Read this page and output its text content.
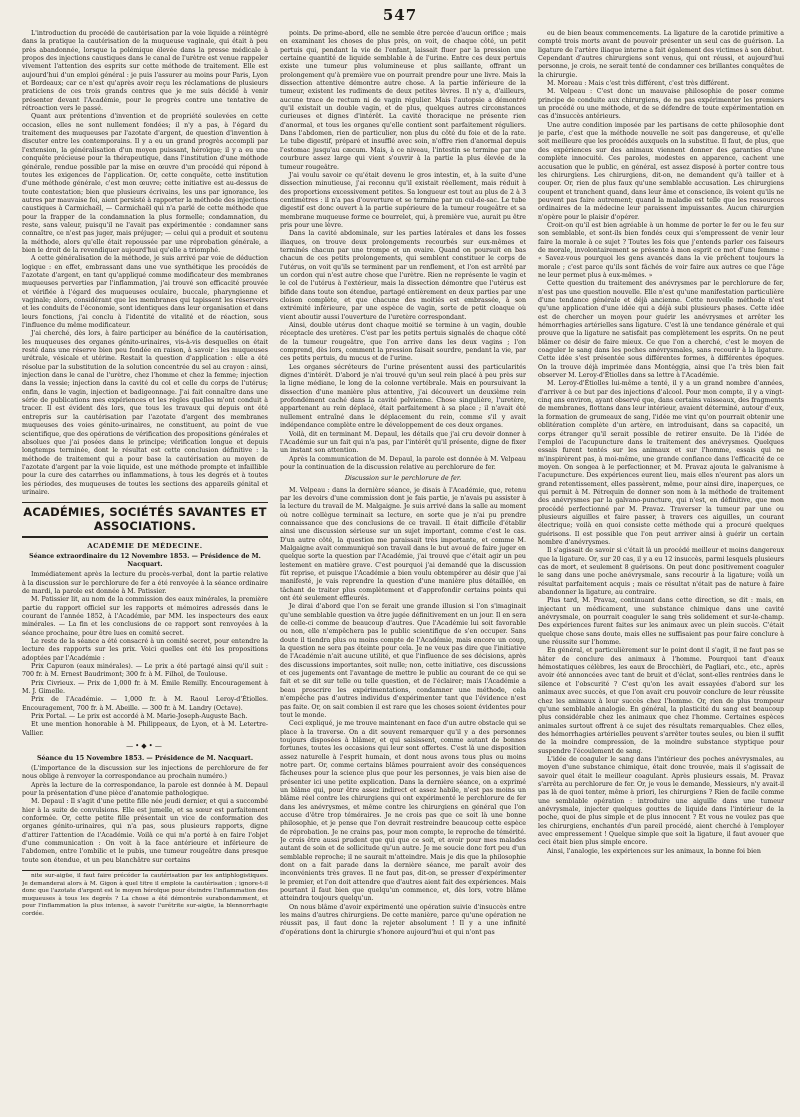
547

L'introduction du procédé de cautérisation par la voie liquide a réintégré dans la pratique la cautérisation de la muqueuse vaginale, qui était à peu près abandonnée, lorsque la polémique élevée dans la presse médicale à propos des injections caustiques dans le canal de l'urètre est venue rappeler vivement l'attention des esprits sur cette méthode de traitement. Elle est aujourd'hui d'un emploi général : je puis l'assurer au moins pour Paris, Lyon et Bordeaux; car ce n'est qu'après avoir reçu les réclamations de plusieurs praticiens de ces trois grands centres que je me suis décidé à venir présenter devant l'Académie, pour le progrès contre une tentative de rétroaction vers le passé.

Quant aux prétentions d'invention et de propriété soulevées en cette occasion, elles ne sont nullement fondées; il n'y a pas, à l'égard du traitement des muqueuses par l'azotate d'argent, de question d'invention à discuter entre les contemporains. Il y a eu un grand progrès accompli par l'extension, la généralisation d'un moyen puissant, héroïque; il y a eu une conquête précieuse pour la thérapeutique, dans l'institution d'une méthode générale, rendue possible par la mise en œuvre d'un procédé qui répond à toutes les exigences de l'application. Or, cette conquête, cette institution d'une méthode générale, c'est mon œuvre; cette initiative est au-dessus de toute contestation; bien que plusieurs écrivains, les uns par ignorance, les autres par mauvaise foi, aient persisté à rapporter la méthode des injections caustiques à Carmichaël, — Carmichaël qui n'a parlé de cette méthode que pour la frapper de la condamnation la plus formelle; condamnation, du reste, sans valeur, puisqu'il ne l'avait pas expérimentée : condamner sans connaître, ce n'est pas juger, mais préjuger; — celui qui a produit et soutenu la méthode, alors qu'elle était repoussée par une réprobation générale, a bien le droit de la revendiquer aujourd'hui qu'elle a triomphé.

A cette généralisation de la méthode, je suis arrivé par voie de déduction logique : en effet, embrassant dans une vue synthétique les procédés de l'azotate d'argent, en tant qu'appliqué comme modificateur des membranes muqueuses perverties par l'inflammation, j'ai trouvé son efficacité prouvée et vérifiée à l'égard des muqueuses oculaire, buccale, pharyngienne et vaginale; alors, considérant que les membranes qui tapissent les réservoirs et les conduits de l'économie, sont identiques dans leur organisation et dans leurs fonctions, j'ai conclu à l'identité de vitalité et de réaction, sous l'influence du même modificateur.

J'ai cherché, dès lors, à faire participer au bénéfice de la cautérisation, les muqueuses des organes génito-urinaires, vis-à-vis desquelles on était resté dans une réserve bien peu fondée en raison, à savoir : les muqueuses urétrale, vésicale et utérine. Restait la question d'application : elle a été résolue par la substitution de la solution concentrée du sel au crayon : ainsi, injection dans le canal de l'urètre, chez l'homme et chez la femme; injection dans la vessie; injection dans la cavité du col et celle du corps de l'utérus; enfin, dans le vagin, injection et badigeonnage. J'ai fait connaître dans une série de publications mes expériences et les règles quelles m'ont conduit à tracer. Il est évident dès lors, que tous les travaux qui depuis ont été entrepris sur la cautérisation par l'azotate d'argent des membranes muqueuses des voies génito-urinaires, ne constituent, au point de vue scientifique, que des opérations de vérification des propositions générales et absolues que j'ai posées dans le principe; vérification longue et depuis longtemps terminée, dont le résultat est cette conclusion définitive : la méthode de traitement qui a pour base la cautérisation au moyen de l'azotate d'argent par la voie liquide, est une méthode prompte et infaillible pour la cure des catarrhes ou inflammations, à tous les degrés et à toutes les périodes, des muqueuses de toutes les sections des appareils génital et urinaire.

ACADÉMIES, SOCIÉTÉS SAVANTES ET ASSOCIATIONS.
ACADÉMIE DE MÉDECINE.

Séance extraordinaire du 12 Novembre 1853. — Présidence de M. Nacquart.

Immédiatement après la lecture du procès-verbal, dont la partie relative à la discussion sur le perchlorure de fer a été renvoyée à la séance ordinaire de mardi, la parole est donnée à M. Patissier.

M. Patissier lit, au nom de la commission des eaux minérales, la première partie du rapport officiel sur les rapports et mémoires adressés dans le courant de l'année 1852, à l'Académie, par MM. les inspecteurs des eaux minérales. — La fin et les conclusions de ce rapport sont renvoyées à la séance prochaine, pour être lues en comité secret.

Le reste de la séance a été consacré à un comité secret, pour entendre la lecture des rapports sur les prix. Voici quelles ont été les propositions adoptées par l'Académie :

Prix Capuron (eaux minérales). — Le prix a été partagé ainsi qu'il suit : 700 fr. à M. Ernest Baudrimont; 300 fr. à M. Filhol, de Toulouse.

Prix Civrieux. — Prix de 1,000 fr. à M. Émile Remilly. Encouragement à M. J. Gimelle.

Prix de l'Académie. — 1,000 fr. à M. Raoul Leroy-d'Étiolles. Encouragement, 700 fr. à M. Abeille. — 300 fr. à M. Landry (Octave).

Prix Portal. — Le prix est accordé à M. Marie-Joseph-Auguste Bach.

Et une mention honorable à M. Philippeaux, de Lyon, et à M. Letertre-Vallier.

—•◆•—

Séance du 15 Novembre 1853. — Présidence de M. Nacquart.

(L'importance de la discussion sur les injections de perchlorure de fer nous oblige à renvoyer la correspondance au prochain numéro.)

Après la lecture de la correspondance, la parole est donnée à M. Depaul pour la présentation d'une pièce d'anatomie pathologique.

M. Depaul : Il s'agit d'une petite fille née jeudi dernier, et qui a succombé hier à la suite de convulsions. Elle est jumelle, et sa sœur est parfaitement conformée. Or, cette petite fille présentait un vice de conformation des organes génito-urinaires, qui n'a pas, sous plusieurs rapports, digne d'attirer l'attention de l'Académie. Voilà ce qui m'a porté à en faire l'objet d'une communication : On voit à la face antérieure et inférieure de l'abdomen, entre l'ombilic et le pubis, une tumeur rougeâtre dans presque toute son étendue, et un peu blanchâtre sur certains

nite sur-aigüe, il faut faire précéder la cautérisation par les antiphlogistiques. Je demanderai alors à M. Gigon à quel titre il emploie la cautérisation ; ignore-t-il donc que l'azotate d'argent est le moyen héroïque pour éteindre l'inflammation des muqueuses à tous les degrés ? La chose a été démontrée surabondamment, et pour l'inflammation la plus intense, à savoir l'urétrite sur-aigüe, la blennorrhagie cordée.

points. De prime-abord, elle ne semble être percée d'aucun orifice ; mais en examinant les choses de plus près, on voit, de chaque côté, un petit pertuis qui, pendant la vie de l'enfant, laissait fluer par la pression une certaine quantité de liquide semblable à de l'urine. Entre ces deux pertuis existe une tumeur plus volumineuse et plus saillante, offrant un prolongement qu'à première vue on pourrait prendre pour une livre. Mais la dissection attentive démontre autre chose. A la partie inférieure de la tumeur, existent les rudiments de deux petites lèvres. Il n'y a, d'ailleurs, aucune trace de rectum ni de vagin régulier. Mais l'autopsie a démontré qu'il existait un double vagin, et de plus, quelques autres circonstances curieuses et dignes d'intérêt. La cavité thoracique ne présente rien d'anormal, et tous les organes qu'elle contient sont parfaitement réguliers. Dans l'abdomen, rien de particulier, non plus du côté du foie et de la rate. Le tube digestif, préparé et insufflé avec soin, n'offre rien d'anormal depuis l'estomac jusqu'au cæcum. Mais, à ce niveau, l'intestin se termine par une courbure assez large qui vient s'ouvrir à la partie la plus élevée de la tumeur rougeâtre.

J'ai voulu savoir ce qu'était devenu le gros intestin, et, à la suite d'une dissection minutieuse, j'ai reconnu qu'il existait réellement, mais réduit à des proportions excessivement petites. Sa longueur est tout au plus de 2 à 3 centimètres : il n'a pas d'ouverture et se termine par un cul-de-sac. Le tube digestif est donc ouvert à la partie supérieure de la tumeur rougeâtre et sa membrane muqueuse forme ce bourrelet, qui, à première vue, aurait pu être pris pour une lèvre.

Dans la cavité abdominale, sur les parties latérales et dans les fosses iliaques, on trouve deux prolongements recourbés sur eux-mêmes et terminés chacun par une trompe et un ovaire. Quand on poursuit en bas chacun de ces petits prolongements, qui semblent constituer le corps de l'utérus, on voit qu'ils se terminent par un renflement, et l'on est arrêté par un cordon qui n'est autre chose que l'urètre. Rien ne représente le vagin et le col de l'utérus à l'extérieur, mais la dissection démontre que l'utérus est bifide dans toute son étendue, partagé entièrement en deux parties par une cloison complète, et que chacune des moitiés est embrassée, à son extrémité inférieure, par une espèce de vagin, sorte de petit cloaque où vient aboutir aussi l'ouverture de l'uretère correspondant.

Ainsi, double utérus dont chaque moitié se termine à un vagin, double réceptacle des uretères. C'est par les petits pertuis signalés de chaque côté de la tumeur rougeâtre, que l'on arrive dans les deux vagins ; l'on comprend, dès lors, comment la pression faisait sourdre, pendant la vie, par ces petits pertuis, du mucus et de l'urine.

Les organes sécréteurs de l'urine présentent aussi des particularités dignes d'intérêt. D'abord je n'ai trouvé qu'un seul rein placé à peu près sur la ligne médiane, le long de la colonne vertébrale. Mais en poursuivant la dissection d'une manière plus attentive, j'ai découvert un deuxième rein profondément caché dans la cavité pelvienne. Chose singulière, l'uretère, appartenant au rein déplacé, était parfaitement à sa place ; il n'avait été nullement entraîné dans le déplacement du rein, comme s'il y avait indépendance complète entre le développement de ces deux organes.

Voilà, dit en terminant M. Depaul, les détails que j'ai cru devoir donner à l'Académie sur un fait qui n'a pas, par l'intérêt qu'il présente, digne de fixer un instant son attention.

Après la communication de M. Depaul, la parole est donnée à M. Velpeau pour la continuation de la discussion relative au perchlorure de fer.

Discussion sur le perchlorure de fer.

M. Velpeau : dans la dernière séance, je disais à l'Académie, que, retenu par les devoirs d'une commission dont je fais partie, je n'avais pu assister à la lecture du travail de M. Malgaigne. Je suis arrivé dans la salle au moment où notre collègue terminait sa lecture, en sorte que je n'ai pu prendre connaissance que des conclusions de ce travail. Il était difficile d'établir ainsi une discussion sérieuse sur un sujet important, comme c'est le cas. D'un autre côté, la question me paraissait très importante, et comme M. Malgaigne avait communiqué son travail dans le but avoué de faire juger en quelque sorte la question par l'Académie, j'ai trouvé que c'était agir un peu lestement en matière grave. C'est pourquoi j'ai demandé que la discussion fût reprise, et puisque l'Académie a bien voulu obtempérer au désir que j'ai manifesté, je vais reprendre la question d'une manière plus détaillée, en tâchant de traiter plus complètement et d'approfondir certains points qui ont été seulement effleurés.

Je dirai d'abord que l'on se ferait une grande illusion si l'on s'imaginait qu'une semblable question va être jugée définitivement en un jour. Il en sera de celle-ci comme de beaucoup d'autres. Que l'Académie lui soit favorable ou non, elle n'empêchera pas le public scientifique de s'en occuper. Sans doute il tiendra plus ou moins compte de l'Académie, mais encore un coup, la question ne sera pas éteinte pour cela. Je ne veux pas dire que l'initiative de l'Académie n'ait aucune utilité, et que l'influence de ses décisions, après des discussions importantes, soit nulle; non, cette initiative, ces discussions et ces jugements ont l'avantage de mettre le public au courant de ce qui se fait et se dit sur telle ou telle question, et de l'éclairer; mais l'Académie a beau proscrire les expérimentations, condamner une méthode, cela n'empêche pas d'autres individus d'expérimenter tant que l'évidence n'est pas faite. Or, on sait combien il est rare que les choses soient évidentes pour tout le monde.

Ceci expliqué, je me trouve maintenant en face d'un autre obstacle qui se place à la traverse. On a dit souvent remarquer qu'il y a des personnes toujours disposées à blâmer, et qui saisissent, comme autant de bonnes fortunes, toutes les occasions qui leur sont offertes. C'est là une disposition assez naturelle à l'esprit humain, et dont nous avons tous plus ou moins notre part. Or, comme certains blâmes pourraient avoir des conséquences fâcheuses pour la science plus que pour les personnes, je vais bien aise de présenter ici une petite explication. Dans la dernière séance, on a exprimé un blâme qui, pour être assez indirect et assez habile, n'est pas moins un blâme réel contre les chirurgiens qui ont expérimenté le perchlorure de fer dans les anévrysmes, et même contre les chirurgiens en général que l'on accuse d'être trop téméraires. Je ne crois pas que ce soit là une bonne philosophie, et je pense que l'on devrait restreindre beaucoup cette espèce de réprobation. Je ne crains pas, pour mon compte, le reproche de témérité. Je crois être aussi prudent que qui que ce soit, et avoir pour mes malades autant de soin et de sollicitude qu'un autre. Je me soucie donc fort peu d'un semblable reproche; il ne saurait m'atteindre. Mais je dis que la philosophie dont on a fait parade dans la dernière séance, me paraît avoir des inconvénients très graves. Il ne faut pas, dit-on, se presser d'expérimenter le premier, et l'on doit attendre que d'autres aient fait des expériences. Mais pourtant il faut bien que quelqu'un commence, et, dès lors, votre blâme atteindra toujours quelqu'un.

On nous blâme d'avoir expérimenté une opération suivie d'insuccès entre les mains d'autres chirurgiens. De cette manière, parce qu'une opération ne réussit pas, il faut donc la rejeter absolument ! Il y a une infinité d'opérations dont la chirurgie s'honore aujourd'hui et qui n'ont pas

eu de bien beaux commencements. La ligature de la carotide primitive a compté trois morts avant de pouvoir présenter un seul cas de guérison. La ligature de l'artère iliaque interne a fait également des victimes à son début. Cependant d'autres chirurgiens sont venus, qui ont réussi, et aujourd'hui personne, je crois, ne serait tenté de condamner ces brillantes conquêtes de la chirurgie.

M. Moreau : Mais c'est très différent, c'est très différent.

M. Velpeau : C'est donc un mauvaise philosophie de poser comme principe de conduite aux chirurgiens, de ne pas expérimenter les premiers un procédé ou une méthode, et de se défendre de toute expérimentation en cas d'insuccès antérieurs.

Une autre condition imposée par les partisans de cette philosophie dont je parle, c'est que la méthode nouvelle ne soit pas dangereuse, et qu'elle soit meilleure que les procédés auxquels on la substitue. Il faut, de plus, que des expériences sur des animaux viennent donner des garanties d'une complète innocuité. Ces paroles, modestes en apparence, cachent une accusation que le public, en général, est assez disposé à porter contre tous les chirurgiens. Les chirurgiens, dit-on, ne demandent qu'à tailler et à couper. Or, rien de plus faux qu'une semblable accusation. Les chirurgiens coupent et tranchent quand, dans leur âme et conscience, ils voient qu'ils ne peuvent pas faire autrement; quand la maladie est telle que les ressources ordinaires de la médecine leur paraissent impuissantes. Aucun chirurgien n'opère pour le plaisir d'opérer.

Croit-on qu'il est bien agréable à un homme de porter le fer ou le feu sur son semblable, et sont-ils bien fondés ceux qui s'empressent de venir leur faire la morale à ce sujet ? Toutes les fois que j'entends parler ces faiseurs de morale, involontairement se présente à mon esprit ce mot d'une femme : « Savez-vous pourquoi les gens avancés dans la vie prêchent toujours la morale ; c'est parce qu'ils sont fâchés de voir faire aux autres ce que l'âge ne leur permet plus à eux-mêmes. »

Cette question du traitement des anévrysmes par le perchlorure de fer, n'est pas une question nouvelle. Elle n'est qu'une manifestation particulière d'une tendance générale et déjà ancienne. Cette nouvelle méthode n'est qu'une application d'une idée qui a déjà subi plusieurs phases. Cette idée est de chercher un moyen pour guérir les anévrysmes et arrêter les hémorrhagies artérielles sans ligature. C'est là une tendance générale et qui prouve que la ligature ne satisfait pas complètement les esprits. On ne peut blâmer ce désir de faire mieux. Ce que l'on a cherché, c'est le moyen de coaguler le sang dans les poches anévrysmales, sans recourir à la ligature. Cette idée s'est présentée sous différentes formes, à différentes époques. On la trouve déjà imprimée dans Montéggia, ainsi que l'a très bien fait observer M. Leroy-d'Étiolles dans sa lettre à l'Académie.

M. Leroy-d'Étiolles lui-même a tenté, il y a un grand nombre d'années, d'arriver à ce but par des injections d'alcool. Pour mon compte, il y a vingt-cinq ans environ, ayant observé que, dans certains vaisseaux, des fragments de membranes, flottans dans leur intérieur, avaient déterminé, autour d'eux, la formation de grumeaux de sang, l'idée me vint qu'on pourrait obtenir une oblitération complète d'un artère, en introduisant, dans sa capacité, un corps étranger qu'il serait possible de retirer ensuite. De là l'idée de l'emploi de l'acupuncture dans le traitement des anévrysmes. Quelques essais furent tentés sur les animaux et sur l'homme, essais qui ne m'inspirèrent pas, à moi-même, une grande confiance dans l'efficacité de ce moyen. On songea à le perfectionner, et M. Pravaz ajouta le galvanisme à l'acupuncture. Des expériences eurent lieu, mais elles n'eurent pas alors un grand retentissement, elles passèrent, même, pour ainsi dire, inaperçues, ce qui permit à M. Pétrequin de donner son nom à la méthode de traitement des anévrysmes par la galvano-puncture, qui n'est, en définitive, que mon procédé perfectionné par M. Pravaz. Traverser la tumeur par une ou plusieurs aiguilles et faire passer, à travers ces aiguilles, un courant électrique; voilà en quoi consiste cette méthode qui a procuré quelques guérisons. Il est possible que l'on peut arriver ainsi à guérir un certain nombre d'anévrysmes.

Il s'agissait de savoir si c'était là un procédé meilleur et moins dangereux que la ligature. Or, sur 20 cas, il y a eu 12 insuccès, parmi lesquels plusieurs cas de mort, et seulement 8 guérisons. On peut donc positivement coaguler le sang dans une poche anévrysmale, sans recourir à la ligature; voilà un résultat parfaitement acquis ; mais ce résultat n'était pas de nature à faire abandonner la ligature, au contraire.

Plus tard, M. Pravaz, continuant dans cette direction, se dit : mais, en injectant un médicament, une substance chimique dans une cavité anévrysmale, on pourrait coaguler le sang très solidement et sur-le-champ. Des expériences furent faites sur les animaux avec un plein succès. C'était quelque chose sans doute, mais elles ne suffisaient pas pour faire conclure à une réussite sur l'homme.

En général, et particulièrement sur le point dont il s'agit, il ne faut pas se hâter de conclure des animaux à l'homme. Pourquoi tant d'eaux hémostatiques célèbres, les eaux de Brocchièri, de Pagliari, etc., etc., après avoir été annoncées avec tant de bruit et d'éclat, sont-elles rentrées dans le silence et l'obscurité ? C'est qu'on les avait essayées d'abord sur les animaux avec succès, et que l'on avait cru pouvoir conclure de leur réussite chez les animaux à leur succès chez l'homme. Or, rien de plus trompeur qu'une semblable analogie. En général, la plasticité du sang est beaucoup plus considérable chez les animaux que chez l'homme. Certaines espèces animales surtout offrent à ce sujet des résultats remarquables. Chez elles, des hémorrhagies artérielles peuvent s'arrêter toutes seules, ou bien il suffit de la moindre compression, de la moindre substance styptique pour suspendre l'écoulement de sang.

L'idée de coaguler le sang dans l'intérieur des poches anévrysmales, au moyen d'une substance chimique, était donc trouvée, mais il s'agissait de savoir quel était le meilleur coagulant. Après plusieurs essais, M. Pravaz s'arrêta au perchlorure de fer. Or, je vous le demande, Messieurs, n'y avait-il pas là de quoi tenter, même à priori, les chirurgiens ? Rien de facile comme une semblable opération : introduire une aiguille dans une tumeur anévrysmale, injecter quelques gouttes de liquide dans l'intérieur de la poche, quoi de plus simple et de plus innocent ? Et vous ne voulez pas que les chirurgiens, enchantés d'un pareil procédé, aient cherché à l'employer avec empressement ! Quelque simple que soit la ligature, il faut avouer que ceci était bien plus simple encore.

Ainsi, l'analogie, les expériences sur les animaux, la bonne foi bien
